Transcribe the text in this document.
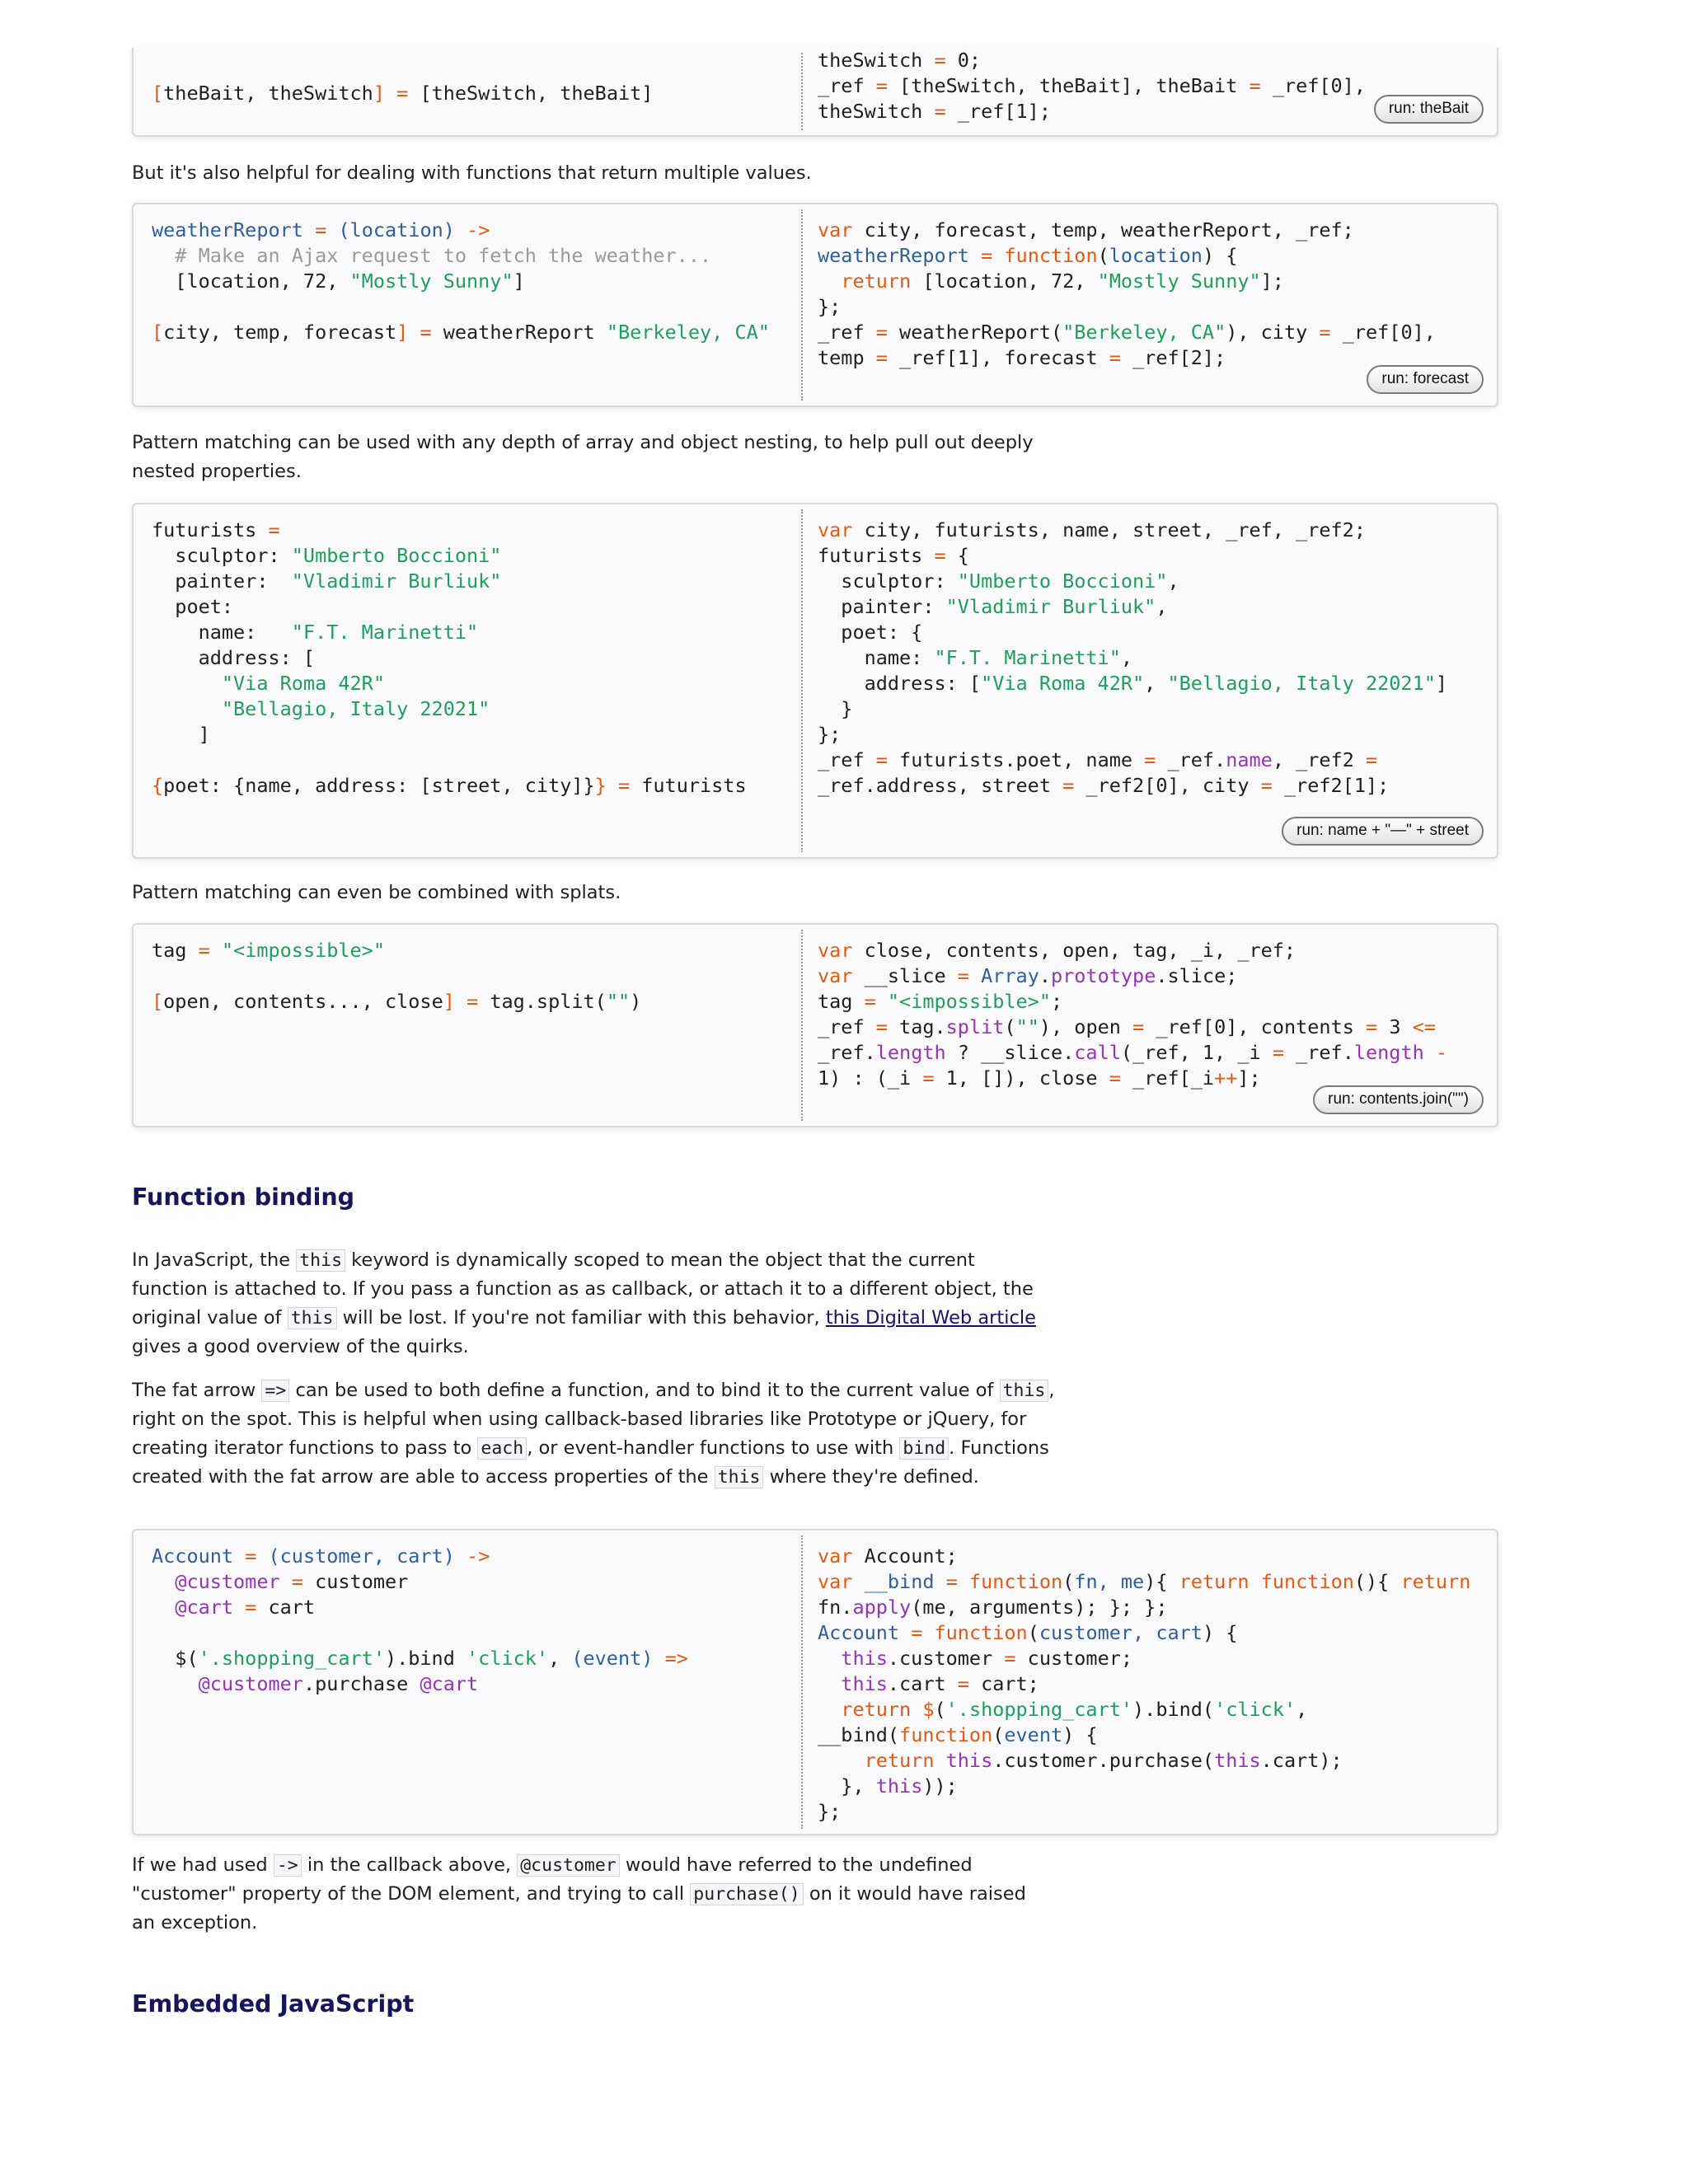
[theBait, theSwitch] = [theSwitch, theBait]
theSwitch = 0;
_ref = [theSwitch, theBait], theBait = _ref[0],
theSwitch = _ref[1];	run: theBait

But it's also helpful for dealing with functions that return multiple values.

weatherReport = (location) ->
# Make an Ajax request to fetch the weather...
[location, 72, "Mostly Sunny"]

[city, temp, forecast] = weatherReport "Berkeley, CA"
var city, forecast, temp, weatherReport, _ref;
weatherReport = function(location) {
return [location, 72, "Mostly Sunny"];
};
_ref = weatherReport("Berkeley, CA"), city = _ref[0],
temp = _ref[1], forecast = _ref[2];
run: forecast

Pattern matching can be used with any depth of array and object nesting, to help pull out deeply nested properties.

futurists =
sculptor: "Umberto Boccioni"
painter:  "Vladimir Burliuk"
poet:
name:   "F.T. Marinetti"
address: [
"Via Roma 42R"
"Bellagio, Italy 22021"
]

{poet: {name, address: [street, city]}} = futurists
var city, futurists, name, street, _ref, _ref2;
futurists = {
sculptor: "Umberto Boccioni",
painter: "Vladimir Burliuk",
poet: {
name: "F.T. Marinetti",
address: ["Via Roma 42R", "Bellagio, Italy 22021"]
}
};
_ref = futurists.poet, name = _ref.name, _ref2 =
_ref.address, street = _ref2[0], city = _ref2[1];
run: name + "—" + street

Pattern matching can even be combined with splats.

tag = "<impossible>"

[open, contents..., close] = tag.split("")
var close, contents, open, tag, _i, _ref;
var __slice = Array.prototype.slice;
tag = "<impossible>";
_ref = tag.split(""), open = _ref[0], contents = 3 <=
_ref.length ? __slice.call(_ref, 1, _i = _ref.length -
1) : (_i = 1, []), close = _ref[_i++];
run: contents.join("")
Function binding

In JavaScript, the this keyword is dynamically scoped to mean the object that the current function is attached to. If you pass a function as as callback, or attach it to a different object, the original value of this will be lost. If you're not familiar with this behavior, this Digital Web article gives a good overview of the quirks.

The fat arrow => can be used to both define a function, and to bind it to the current value of this , right on the spot. This is helpful when using callback-based libraries like Prototype or jQuery, for creating iterator functions to pass to each , or event-handler functions to use with bind . Functions created with the fat arrow are able to access properties of the this where they're defined.

Account = (customer, cart) ->
@customer = customer
@cart = cart

$('.shopping_cart').bind 'click', (event) =>
@customer.purchase @cart
var Account;
var __bind = function(fn, me){ return function(){ return
fn.apply(me, arguments); }; };
Account = function(customer, cart) {
this.customer = customer;
this.cart = cart;
return $('.shopping_cart').bind('click',
__bind(function(event) {
return this.customer.purchase(this.cart);
}, this));
};

If we had used -> in the callback above, @customer would have referred to the undefined "customer" property of the DOM element, and trying to call purchase() on it would have raised an exception.

Embedded JavaScript
